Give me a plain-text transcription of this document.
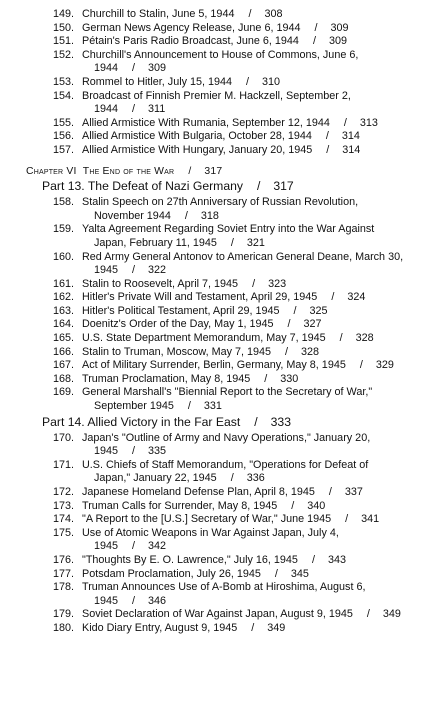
149. Churchill to Stalin, June 5, 1944 / 308
150. German News Agency Release, June 6, 1944 / 309
151. Pétain's Paris Radio Broadcast, June 6, 1944 / 309
152. Churchill's Announcement to House of Commons, June 6,
1944 / 309
153. Rommel to Hitler, July 15, 1944 / 310
154. Broadcast of Finnish Premier M. Hackzell, September 2,
1944 / 311
155. Allied Armistice With Rumania, September 12, 1944 / 313
156. Allied Armistice With Bulgaria, October 28, 1944 / 314
157. Allied Armistice With Hungary, January 20, 1945 / 314
Chapter VI The End of the War / 317
Part 13. The Defeat of Nazi Germany / 317
158. Stalin Speech on 27th Anniversary of Russian Revolution,
November 1944 / 318
159. Yalta Agreement Regarding Soviet Entry into the War Against
Japan, February 11, 1945 / 321
160. Red Army General Antonov to American General Deane, March 30,
1945 / 322
161. Stalin to Roosevelt, April 7, 1945 / 323
162. Hitler's Private Will and Testament, April 29, 1945 / 324
163. Hitler's Political Testament, April 29, 1945 / 325
164. Doenitz's Order of the Day, May 1, 1945 / 327
165. U.S. State Department Memorandum, May 7, 1945 / 328
166. Stalin to Truman, Moscow, May 7, 1945 / 328
167. Act of Military Surrender, Berlin, Germany, May 8, 1945 / 329
168. Truman Proclamation, May 8, 1945 / 330
169. General Marshall's "Biennial Report to the Secretary of War,"
September 1945 / 331
Part 14. Allied Victory in the Far East / 333
170. Japan's "Outline of Army and Navy Operations," January 20,
1945 / 335
171. U.S. Chiefs of Staff Memorandum, "Operations for Defeat of
Japan," January 22, 1945 / 336
172. Japanese Homeland Defense Plan, April 8, 1945 / 337
173. Truman Calls for Surrender, May 8, 1945 / 340
174. "A Report to the [U.S.] Secretary of War," June 1945 / 341
175. Use of Atomic Weapons in War Against Japan, July 4,
1945 / 342
176. "Thoughts By E. O. Lawrence," July 16, 1945 / 343
177. Potsdam Proclamation, July 26, 1945 / 345
178. Truman Announces Use of A-Bomb at Hiroshima, August 6,
1945 / 346
179. Soviet Declaration of War Against Japan, August 9, 1945 / 349
180. Kido Diary Entry, August 9, 1945 / 349
